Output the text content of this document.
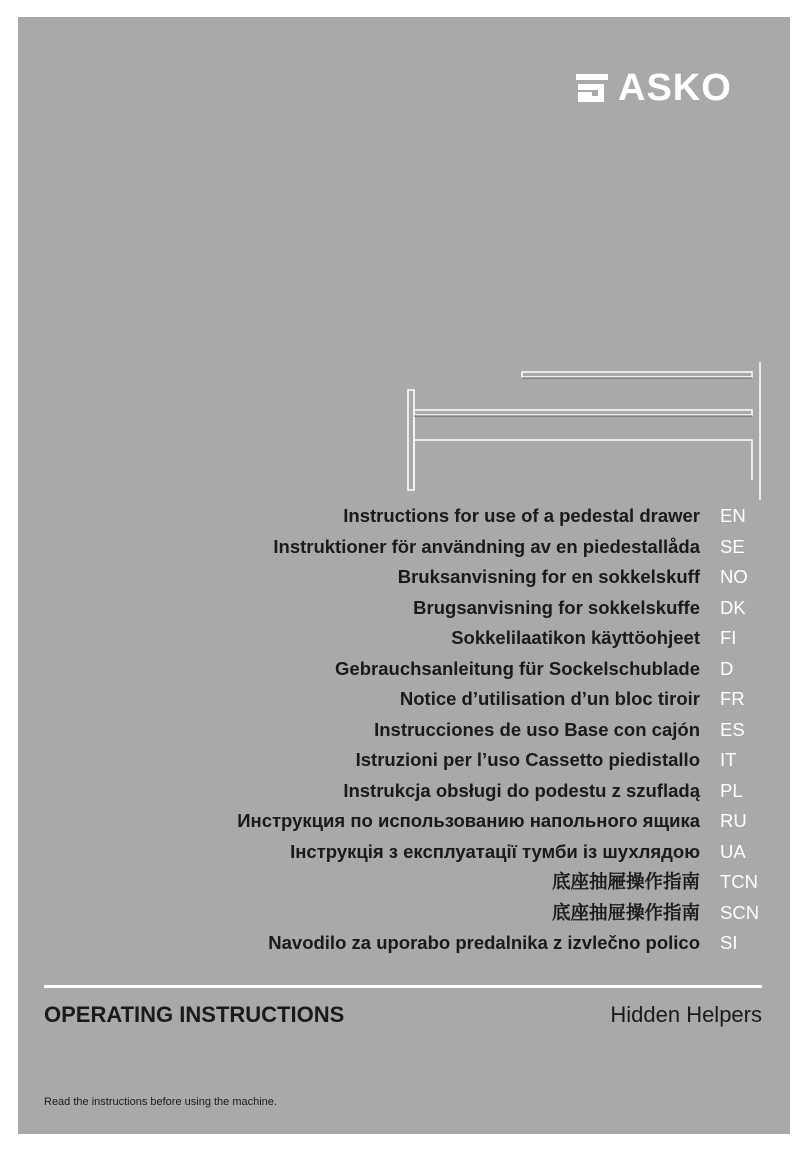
ASKO
Instructions for use of a pedestal drawer EN
Instruktioner för användning av en piedestallåda SE
Bruksanvisning for en sokkelskuff NO
Brugsanvisning for sokkelskuffe DK
Sokkelilaatikon käyttöohjeet FI
Gebrauchsanleitung für Sockelschublade D
Notice d’utilisation d’un bloc tiroir FR
Instrucciones de uso Base con cajón ES
Istruzioni per l’uso Cassetto piedistallo IT
Instrukcja obsługi do podestu z szufladą PL
Инструкция по использованию напольного ящика RU
Інструкція з експлуатації тумби із шухлядою UA
底座抽屜操作指南 TCN
底座抽屉操作指南 SCN
Navodilo za uporabo predalnika z izvlečno polico SI
OPERATING INSTRUCTIONS	Hidden Helpers
Read the instructions before using the machine.
